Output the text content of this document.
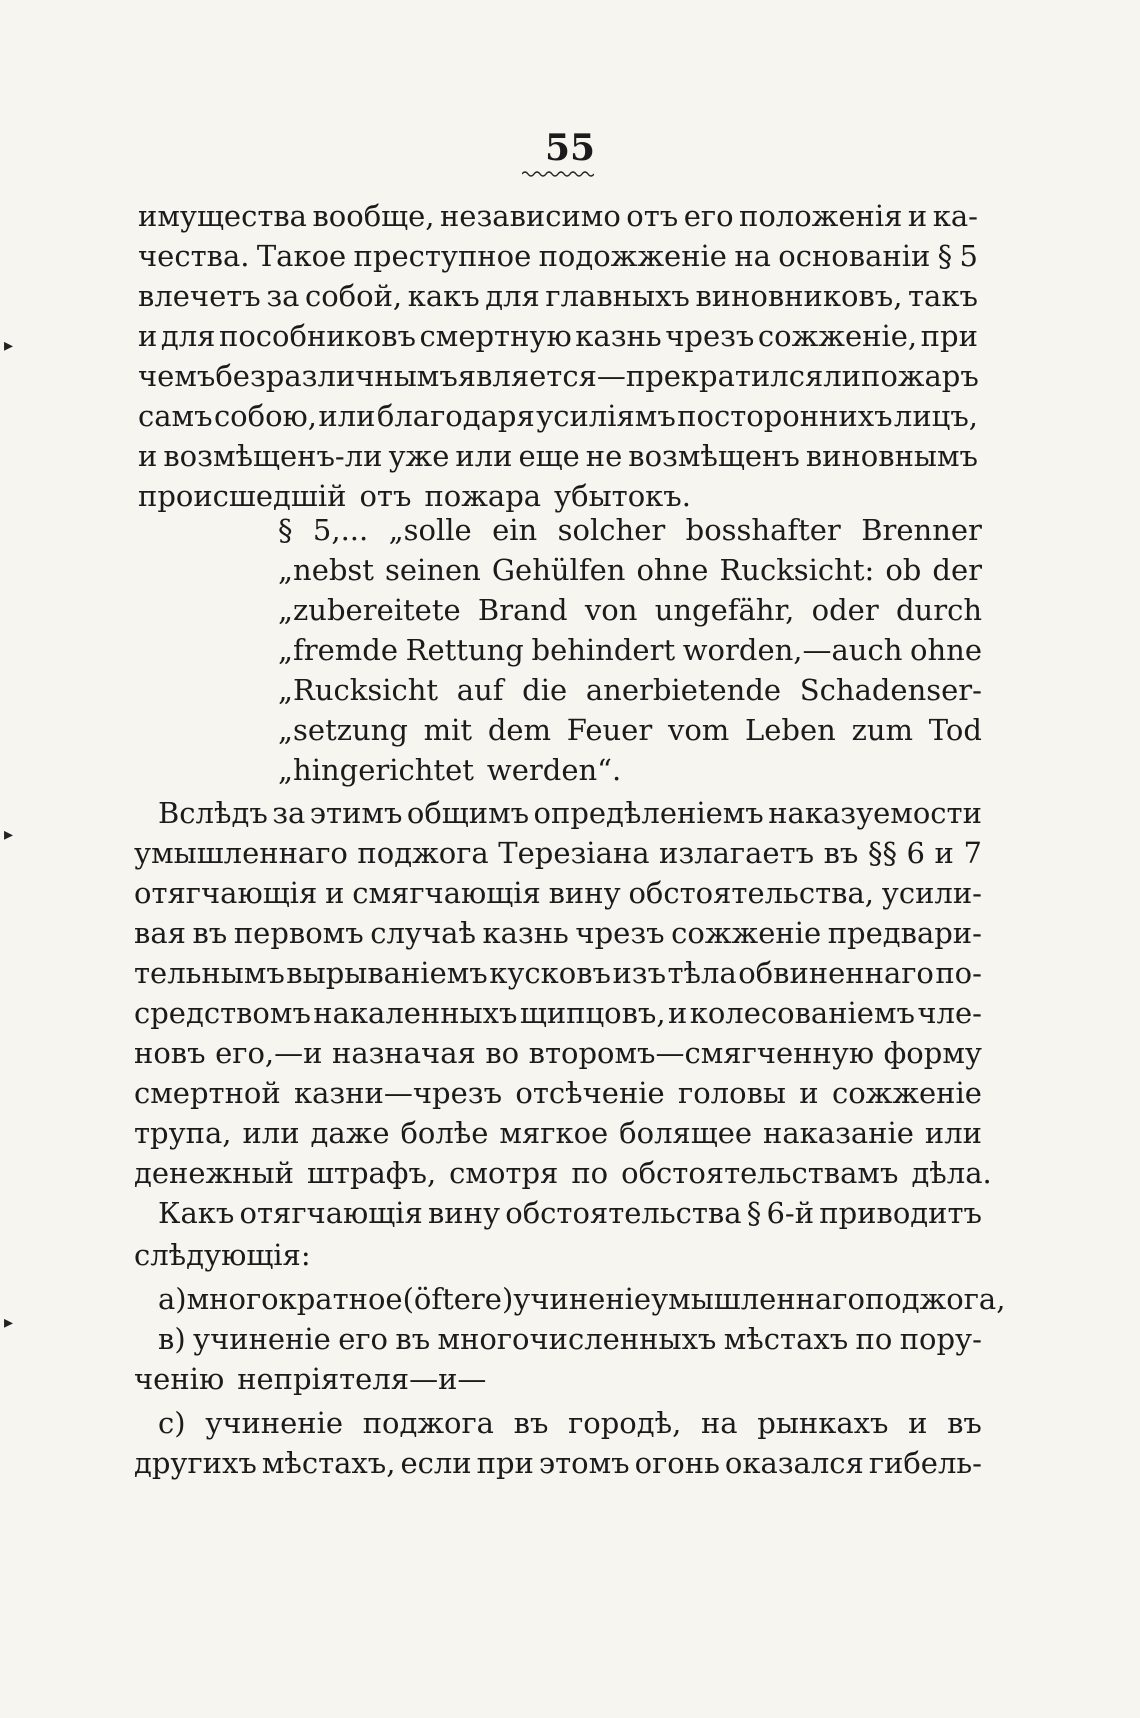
55
имущества вообще, независимо отъ его положенія и ка-
чества. Такое преступное подожженіе на основаніи § 5
влечетъ за собой, какъ для главныхъ виновниковъ, такъ
и для пособниковъ смертную казнь чрезъ сожженіе, при
чемъ безразличнымъ является—прекратился ли пожаръ
самъ собою, или благодаря усиліямъ постороннихъ лицъ,
и возмѣщенъ-ли уже или еще не возмѣщенъ виновнымъ
происшедшій отъ пожара убытокъ.
§ 5,... „solle ein solcher bosshafter Brenner
„nebst seinen Gehülfen ohne Rucksicht: ob der
„zubereitete Brand von ungefähr, oder durch
„fremde Rettung behindert worden,—auch ohne
„Rucksicht auf die anerbietende Schadenser-
„setzung mit dem Feuer vom Leben zum Tod
„hingerichtet werden“.
Вслѣдъ за этимъ общимъ опредѣленіемъ наказуемости
умышленнаго поджога Терезіана излагаетъ въ §§ 6 и 7
отягчающія и смягчающія вину обстоятельства, усили-
вая въ первомъ случаѣ казнь чрезъ сожженіе предвари-
тельнымъ вырываніемъ кусковъ изъ тѣла обвиненнаго по-
средствомъ накаленныхъ щипцовъ, и колесованіемъ чле-
новъ его,—и назначая во второмъ—смягченную форму
смертной казни—чрезъ отсѣченіе головы и сожженіе
трупа, или даже болѣе мягкое болящее наказаніе или
денежный штрафъ, смотря по обстоятельствамъ дѣла.
Какъ отягчающія вину обстоятельства § 6-й приводитъ
слѣдующія:
а) многократное (öftere) учиненіе умышленнаго поджога,
в) учиненіе его въ многочисленныхъ мѣстахъ по пору-
ченію непріятеля—и—
с) учиненіе поджога въ городѣ, на рынкахъ и въ
другихъ мѣстахъ, если при этомъ огонь оказался гибель-
▸
▸
▸
